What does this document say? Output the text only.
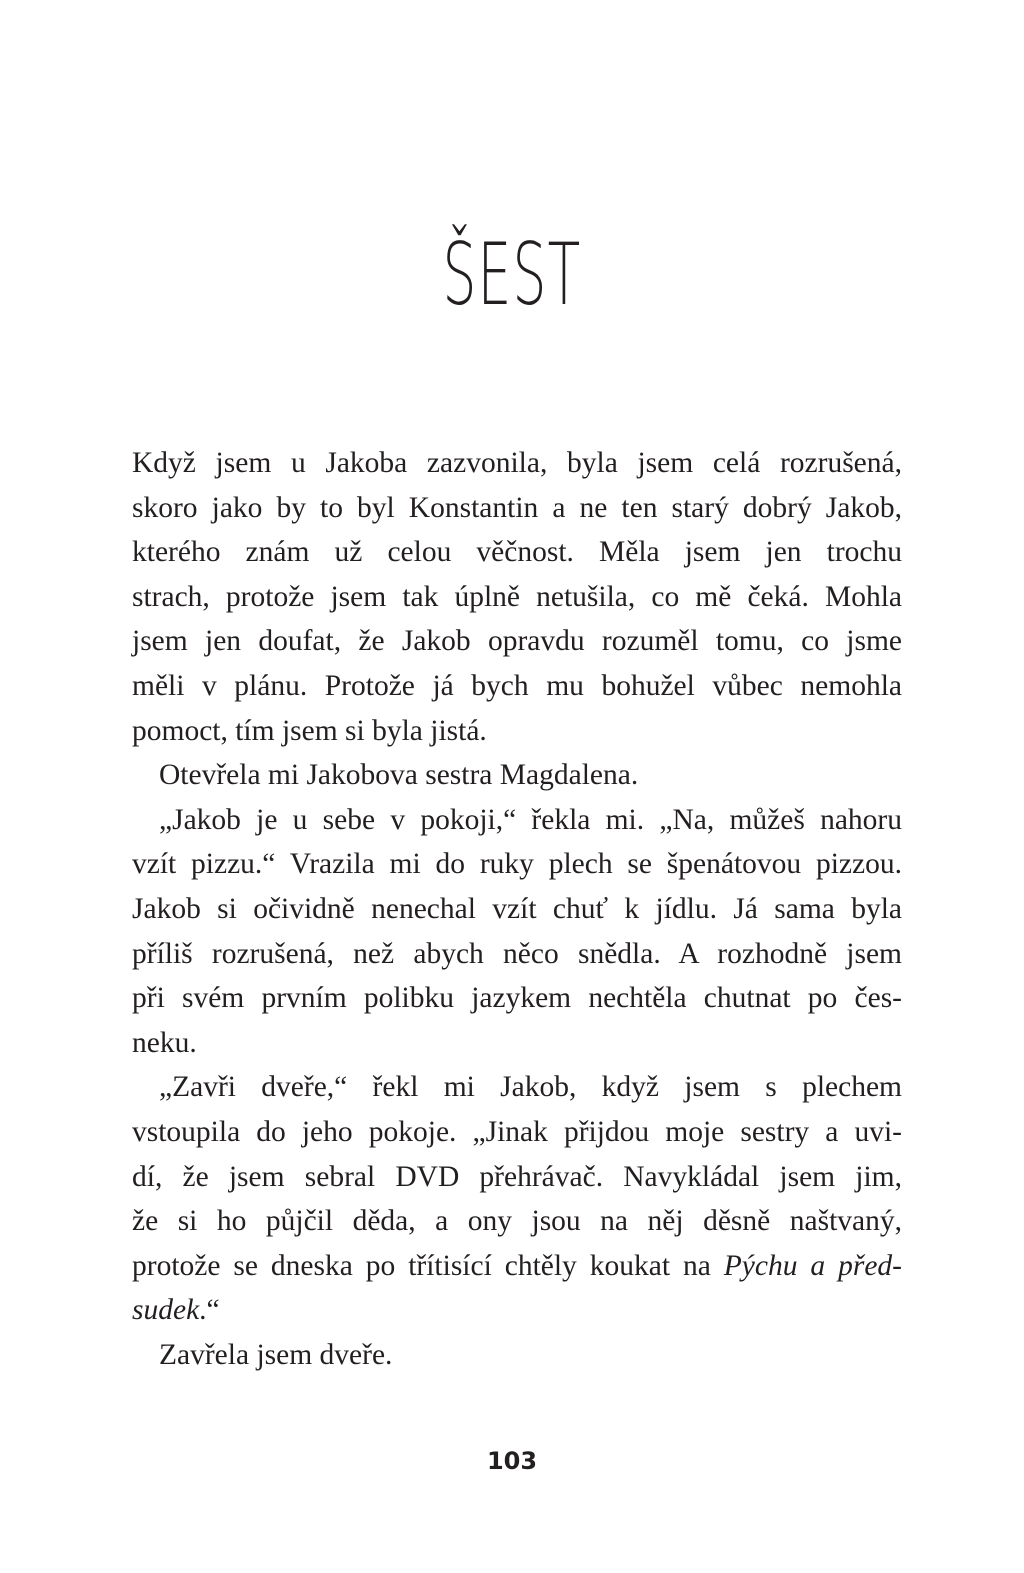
ŠEST
Když jsem u Jakoba zazvonila, byla jsem celá rozrušená,
skoro jako by to byl Konstantin a ne ten starý dobrý Jakob,
kterého znám už celou věčnost. Měla jsem jen trochu
strach, protože jsem tak úplně netušila, co mě čeká. Mohla
jsem jen doufat, že Jakob opravdu rozuměl tomu, co jsme
měli v plánu. Protože já bych mu bohužel vůbec nemohla
pomoct, tím jsem si byla jistá.
Otevřela mi Jakobova sestra Magdalena.
„Jakob je u sebe v pokoji,“ řekla mi. „Na, můžeš nahoru
vzít pizzu.“ Vrazila mi do ruky plech se špenátovou pizzou.
Jakob si očividně nenechal vzít chuť k jídlu. Já sama byla
příliš rozrušená, než abych něco snědla. A rozhodně jsem
při svém prvním polibku jazykem nechtěla chutnat po čes-
neku.
„Zavři dveře,“ řekl mi Jakob, když jsem s plechem
vstoupila do jeho pokoje. „Jinak přijdou moje sestry a uvi-
dí, že jsem sebral DVD přehrávač. Navykládal jsem jim,
že si ho půjčil děda, a ony jsou na něj děsně naštvaný,
protože se dneska po třítisící chtěly koukat na Pýchu a před-
sudek.“
Zavřela jsem dveře.
103
